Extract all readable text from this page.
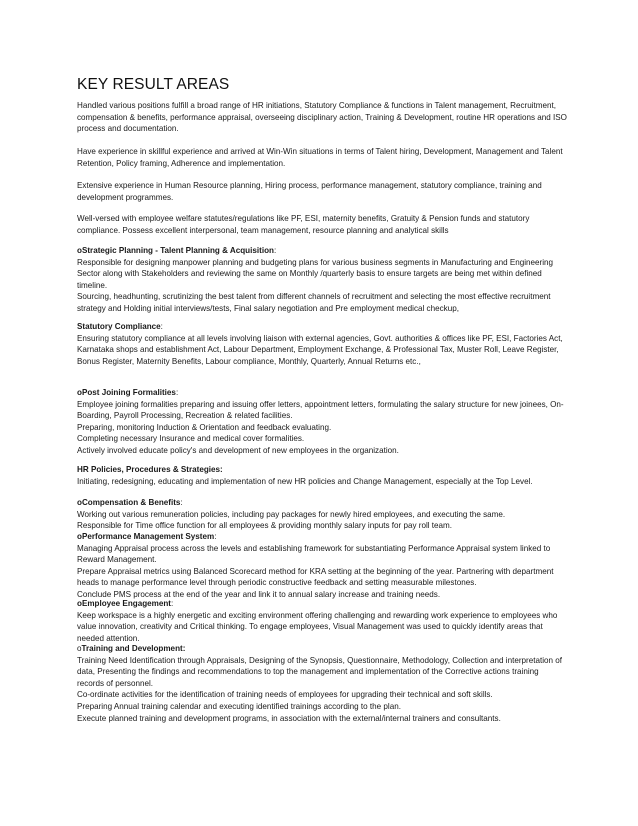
KEY RESULT AREAS

Handled various positions fulfill a broad range of HR initiations, Statutory Compliance & functions in Talent management, Recruitment, compensation & benefits, performance appraisal, overseeing disciplinary action, Training & Development, routine HR operations and ISO process and documentation.

Have experience in skillful experience and arrived at Win-Win situations in terms of Talent hiring, Development, Management and Talent Retention, Policy framing, Adherence and implementation.

Extensive experience in Human Resource planning, Hiring process, performance management, statutory compliance, training and development programmes.

Well-versed with employee welfare statutes/regulations like PF, ESI, maternity benefits, Gratuity & Pension funds and statutory compliance. Possess excellent interpersonal, team management, resource planning and analytical skills

oStrategic Planning - Talent Planning & Acquisition:

Responsible for designing manpower planning and budgeting plans for various business segments in Manufacturing and Engineering Sector along with Stakeholders and reviewing the same on Monthly /quarterly basis to ensure targets are being met within defined timeline.

Sourcing, headhunting, scrutinizing the best talent from different channels of recruitment and selecting the most effective recruitment strategy and Holding initial interviews/tests, Final salary negotiation and Pre employment medical checkup,

Statutory Compliance:

Ensuring statutory compliance at all levels involving liaison with external agencies, Govt. authorities & offices like PF, ESI, Factories Act, Karnataka shops and establishment Act, Labour Department, Employment Exchange, & Professional Tax, Muster Roll, Leave Register, Bonus Register, Maternity Benefits, Labour compliance, Monthly, Quarterly, Annual Returns etc.,

oPost Joining Formalities:

Employee joining formalities preparing and issuing offer letters, appointment letters, formulating the salary structure for new joinees, On-Boarding, Payroll Processing, Recreation & related facilities.

Preparing, monitoring Induction & Orientation and feedback evaluating.

Completing necessary Insurance and medical cover formalities.

Actively involved educate policy's and development of new employees in the organization.

HR Policies, Procedures & Strategies:

Initiating, redesigning, educating and implementation of new HR policies and Change Management, especially at the Top Level.

oCompensation & Benefits:

Working out various remuneration policies, including pay packages for newly hired employees, and executing the same.

Responsible for Time office function for all employees & providing monthly salary inputs for pay roll team.

oPerformance Management System:

Managing Appraisal process across the levels and establishing framework for substantiating Performance Appraisal system linked to Reward Management.

Prepare Appraisal metrics using Balanced Scorecard method for KRA setting at the beginning of the year. Partnering with department heads to manage performance level through periodic constructive feedback and setting measurable milestones.

Conclude PMS process at the end of the year and link it to annual salary increase and training needs.

oEmployee Engagement:

Keep workspace is a highly energetic and exciting environment offering challenging and rewarding work experience to employees who value innovation, creativity and Critical thinking. To engage employees, Visual Management was used to quickly identify areas that needed attention.

oTraining and Development:

Training Need Identification through Appraisals, Designing of the Synopsis, Questionnaire, Methodology, Collection and interpretation of data, Presenting the findings and recommendations to top the management and implementation of the Corrective actions training records of personnel.

Co-ordinate activities for the identification of training needs of employees for upgrading their technical and soft skills.

Preparing Annual training calendar and executing identified trainings according to the plan.

Execute planned training and development programs, in association with the external/internal trainers and consultants.
